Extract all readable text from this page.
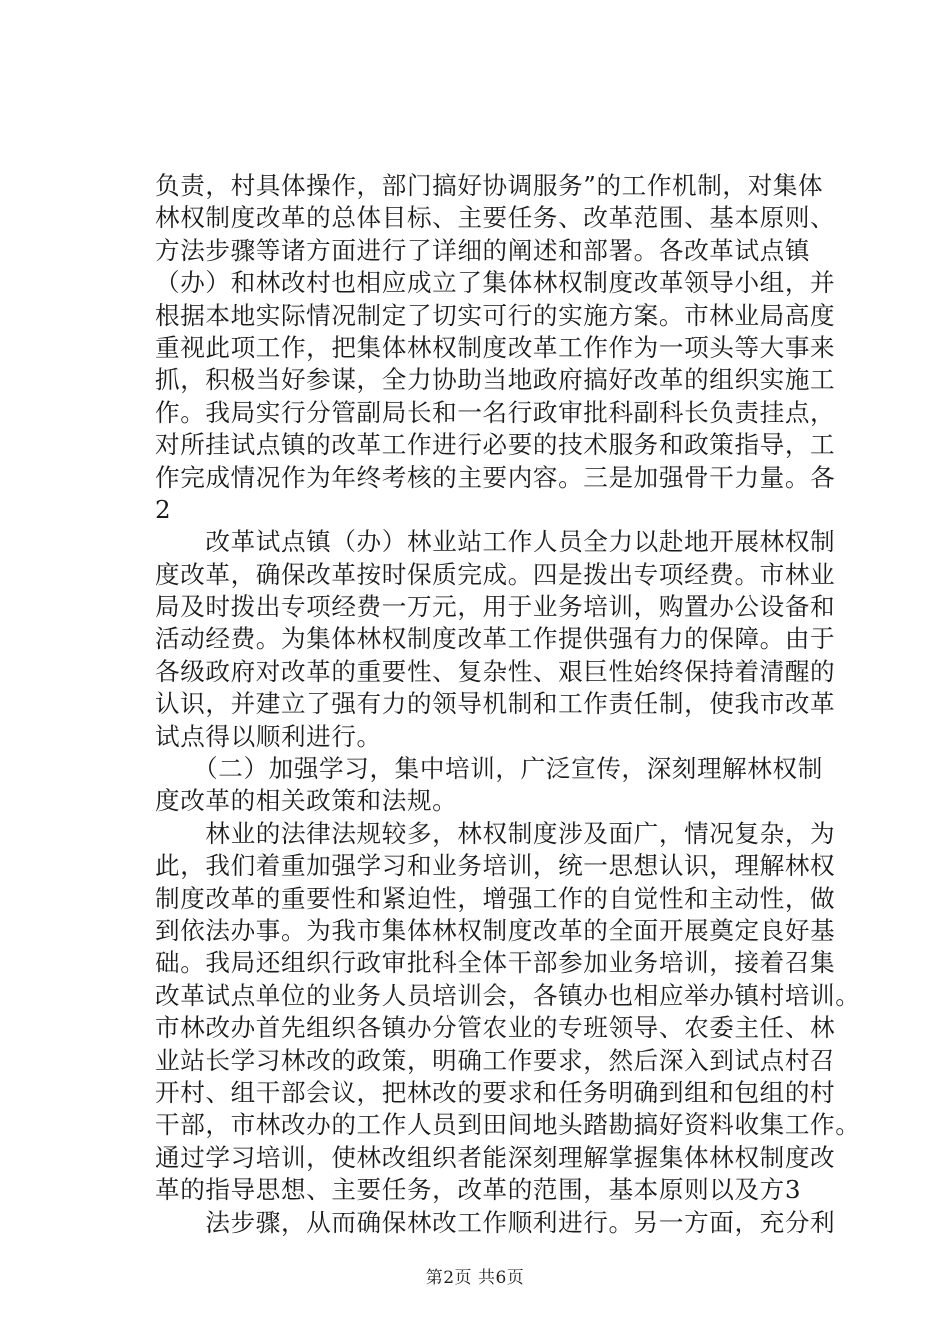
负责，村具体操作，部门搞好协调服务”的工作机制，对集体
林权制度改革的总体目标、主要任务、改革范围、基本原则、
方法步骤等诸方面进行了详细的阐述和部署。各改革试点镇
（办）和林改村也相应成立了集体林权制度改革领导小组，并
根据本地实际情况制定了切实可行的实施方案。市林业局高度
重视此项工作，把集体林权制度改革工作作为一项头等大事来
抓，积极当好参谋，全力协助当地政府搞好改革的组织实施工
作。我局实行分管副局长和一名行政审批科副科长负责挂点，
对所挂试点镇的改革工作进行必要的技术服务和政策指导，工
作完成情况作为年终考核的主要内容。三是加强骨干力量。各
2
　　改革试点镇（办）林业站工作人员全力以赴地开展林权制
度改革，确保改革按时保质完成。四是拨出专项经费。市林业
局及时拨出专项经费一万元，用于业务培训，购置办公设备和
活动经费。为集体林权制度改革工作提供强有力的保障。由于
各级政府对改革的重要性、复杂性、艰巨性始终保持着清醒的
认识，并建立了强有力的领导机制和工作责任制，使我市改革
试点得以顺利进行。
　　（二）加强学习，集中培训，广泛宣传，深刻理解林权制
度改革的相关政策和法规。
　　林业的法律法规较多，林权制度涉及面广，情况复杂，为
此，我们着重加强学习和业务培训，统一思想认识，理解林权
制度改革的重要性和紧迫性，增强工作的自觉性和主动性，做
到依法办事。为我市集体林权制度改革的全面开展奠定良好基
础。我局还组织行政审批科全体干部参加业务培训，接着召集
改革试点单位的业务人员培训会，各镇办也相应举办镇村培训。
市林改办首先组织各镇办分管农业的专班领导、农委主任、林
业站长学习林改的政策，明确工作要求，然后深入到试点村召
开村、组干部会议，把林改的要求和任务明确到组和包组的村
干部，市林改办的工作人员到田间地头踏勘搞好资料收集工作。
通过学习培训，使林改组织者能深刻理解掌握集体林权制度改
革的指导思想、主要任务，改革的范围，基本原则以及方3
　　法步骤，从而确保林改工作顺利进行。另一方面，充分利
第2页 共6页
